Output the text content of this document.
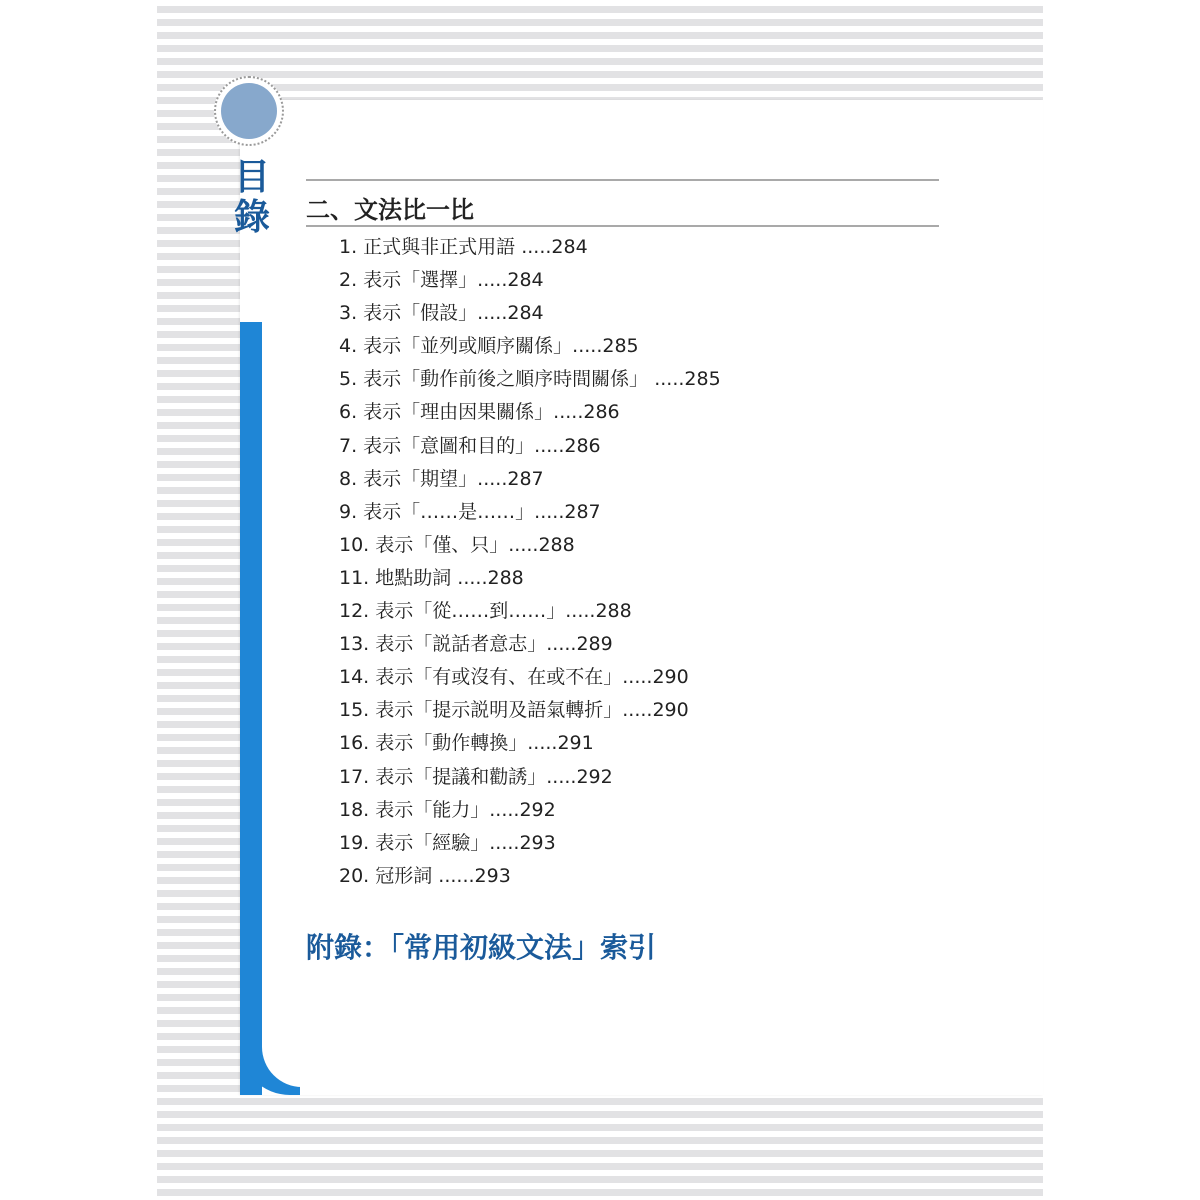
目
錄 二、文法比一比
1. 正式與非正式用語 .....284
2. 表示「選擇」.....284
3. 表示「假設」.....284
4. 表示「並列或順序關係」.....285
5. 表示「動作前後之順序時間關係」 .....285
6. 表示「理由因果關係」.....286
7. 表示「意圖和目的」.....286
8. 表示「期望」.....287
9. 表示「……是……」.....287
10. 表示「僅、只」.....288
11. 地點助詞 .....288
12. 表示「從……到……」.....288
13. 表示「説話者意志」.....289
14. 表示「有或沒有、在或不在」.....290
15. 表示「提示説明及語氣轉折」.....290
16. 表示「動作轉換」.....291
17. 表示「提議和勸誘」.....292
18. 表示「能力」.....292
19. 表示「經驗」.....293
20. 冠形詞 ......293
附錄：「常用初級文法」索引
